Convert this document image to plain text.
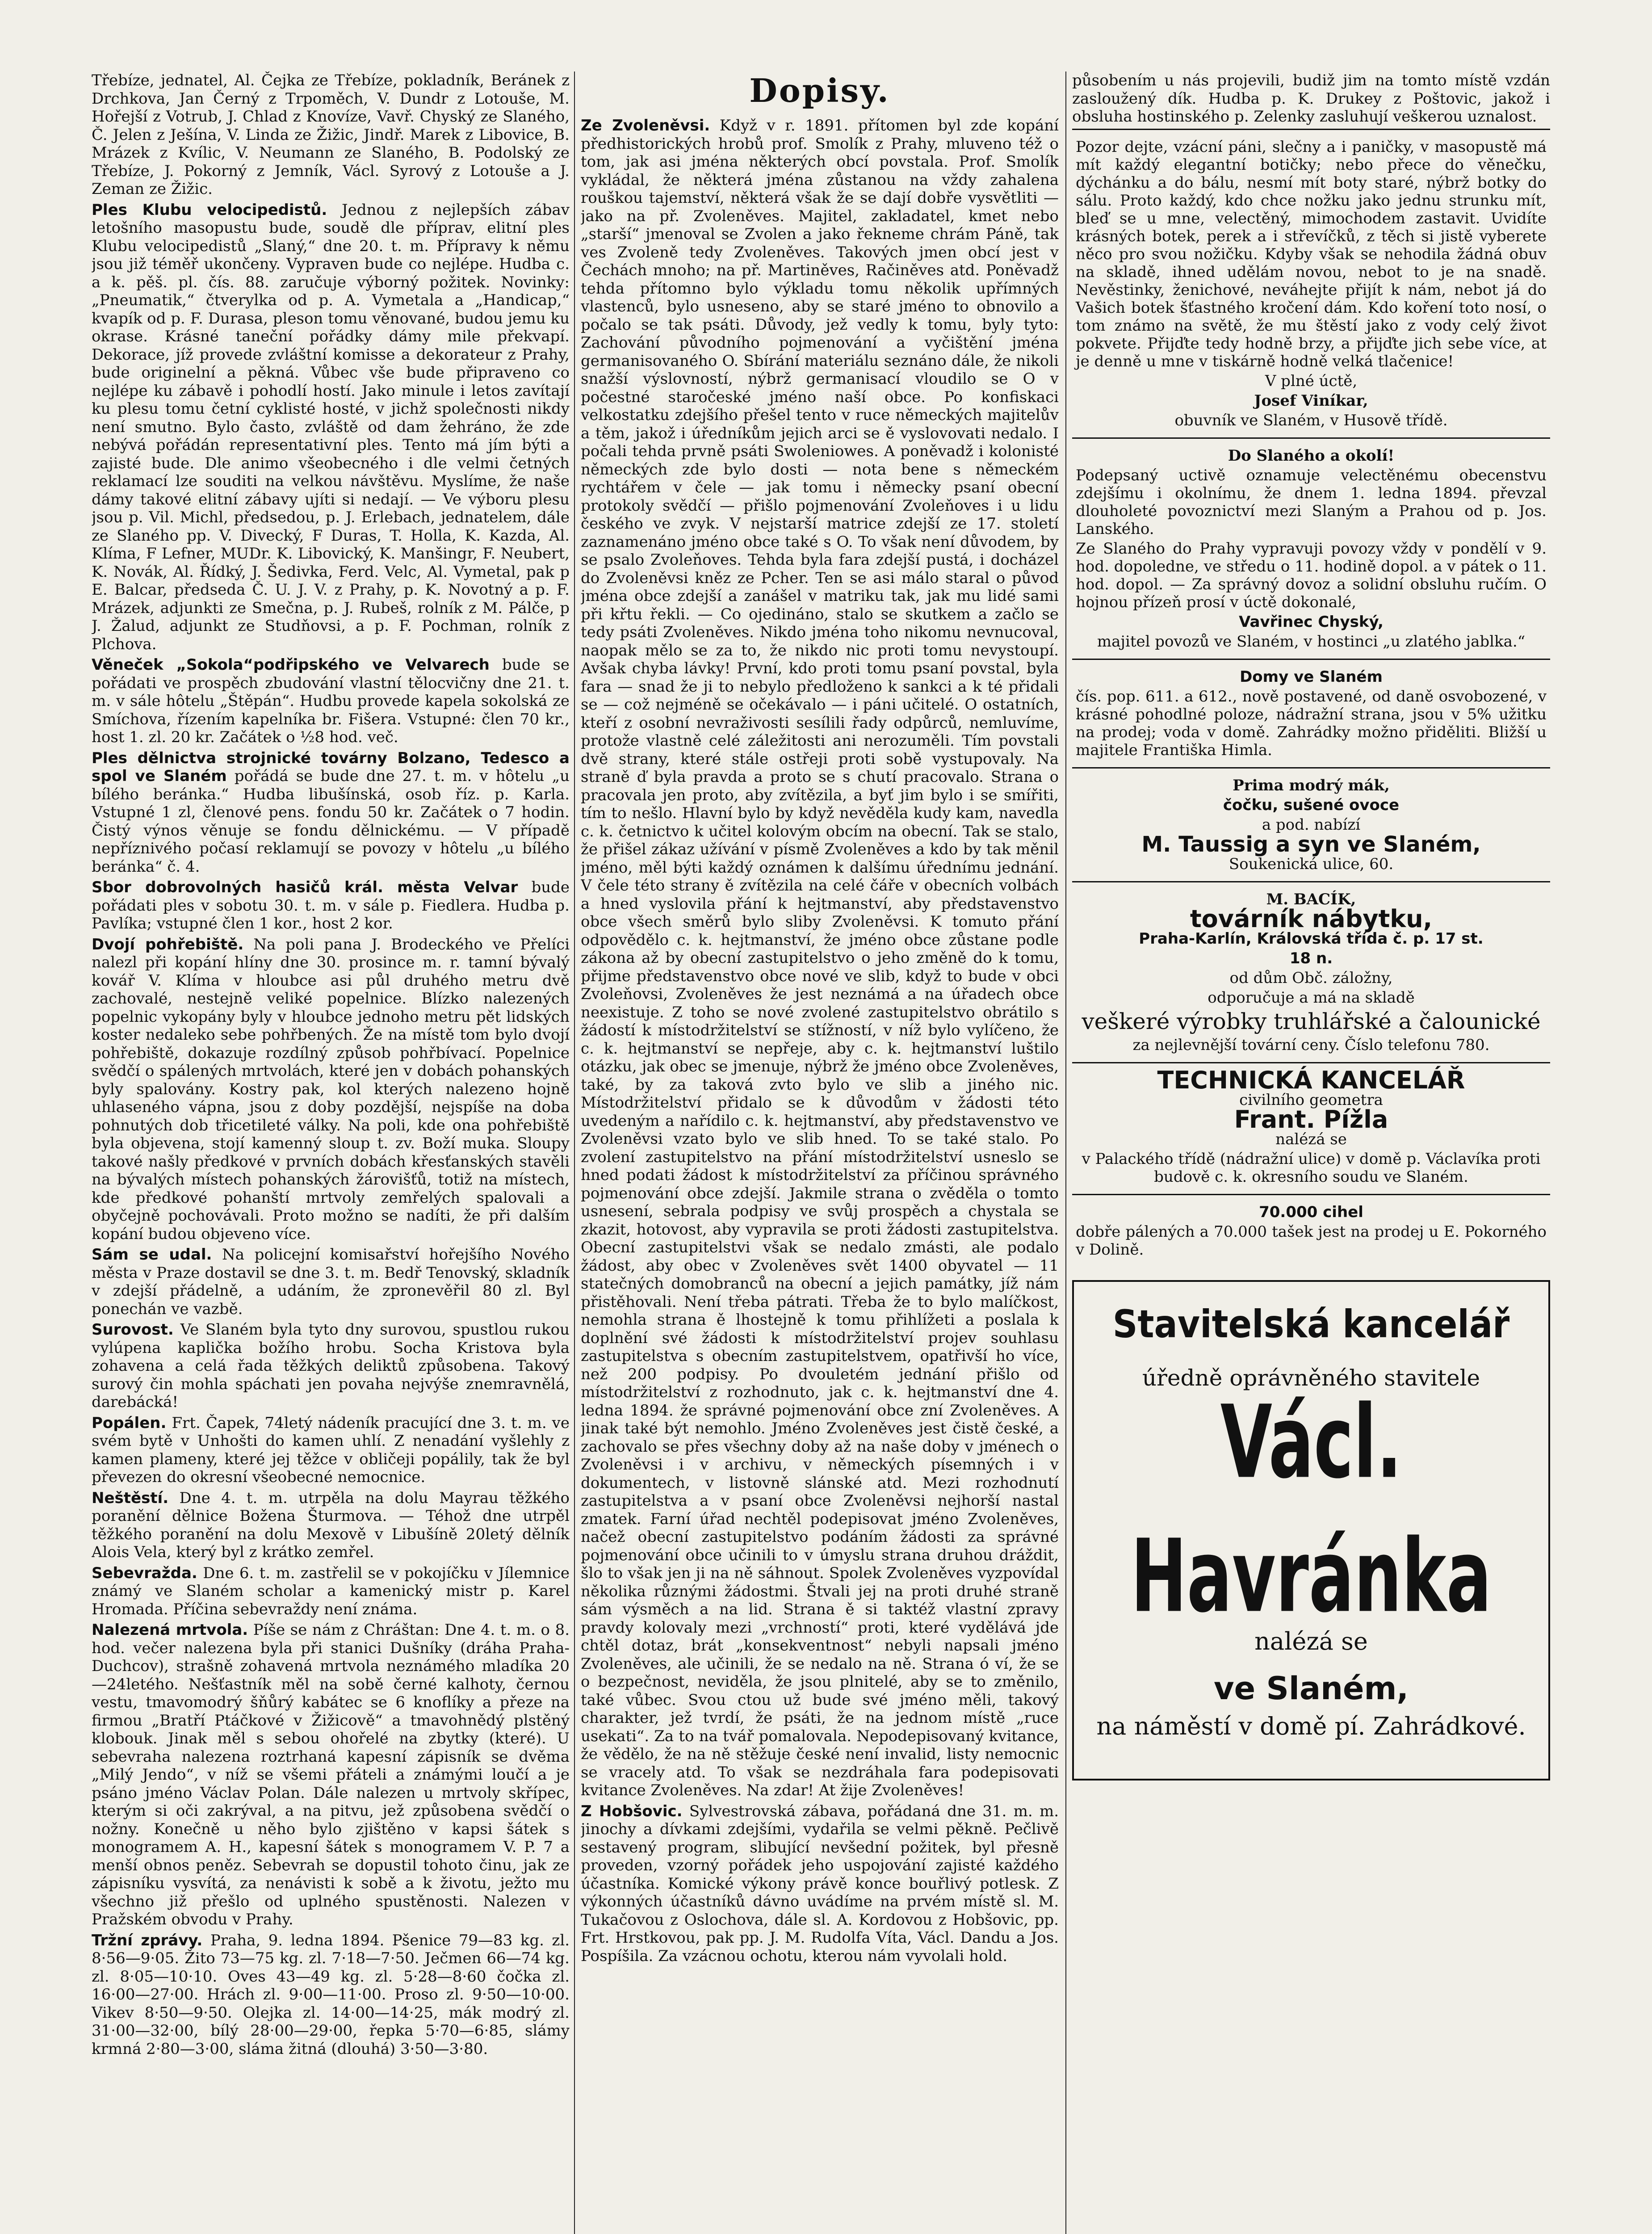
Třebíze, jednatel, Al. Čejka ze Třebíze, pokladník, Beránek z Drchkova, Jan Černý z Trpoměch, V. Dundr z Lotouše, M. Hořejší z Votrub, J. Chlad z Knovíze, Vavř. Chyský ze Slaného, Č. Jelen z Ješína, V. Linda ze Žižic, Jindř. Marek z Libovice, B. Mrázek z Kvílic, V. Neumann ze Slaného, B. Podolský ze Třebíze, J. Pokorný z Jemník, Václ. Syrový z Lotouše a J. Zeman ze Žižic.

Ples Klubu velocipedistů. Jednou z nejlepších zábav letošního masopustu bude, soudě dle příprav, elitní ples Klubu velocipedistů „Slaný,“ dne 20. t. m. Přípravy k němu jsou již téměř ukončeny. Vypraven bude co nejlépe. Hudba c. a k. pěš. pl. čís. 88. zaručuje výborný požitek. Novinky: „Pneumatik,“ čtverylka od p. A. Vymetala a „Handicap,“ kvapík od p. F. Durasa, pleson tomu věnované, budou jemu ku okrase. Krásné taneční pořádky dámy mile překvapí. Dekorace, jíž provede zvláštní komisse a dekorateur z Prahy, bude originelní a pěkná. Vůbec vše bude připraveno co nejlépe ku zábavě i pohodlí hostí. Jako minule i letos zavítají ku plesu tomu četní cyklisté hosté, v jichž společnosti nikdy není smutno. Bylo často, zvláště od dam žehráno, že zde nebývá pořádán representativní ples. Tento má jím býti a zajisté bude. Dle animo všeobecného i dle velmi četných reklamací lze souditi na velkou návštěvu. Myslíme, že naše dámy takové elitní zábavy ujíti si nedají. — Ve výboru plesu jsou p. Vil. Michl, předsedou, p. J. Erlebach, jednatelem, dále ze Slaného pp. V. Divecký, F Duras, T. Holla, K. Kazda, Al. Klíma, F Lefner, MUDr. K. Libovický, K. Manšingr, F. Neubert, K. Novák, Al. Řídký, J. Šedivka, Ferd. Velc, Al. Vymetal, pak p E. Balcar, předseda Č. U. J. V. z Prahy, p. K. Novotný a p. F. Mrázek, adjunkti ze Smečna, p. J. Rubeš, rolník z M. Pálče, p J. Žalud, adjunkt ze Studňovsi, a p. F. Pochman, rolník z Plchova.

Věneček „Sokola“podřipského ve Velvarech bude se pořádati ve prospěch zbudování vlastní tělocvičny dne 21. t. m. v sále hôtelu „Štěpán“. Hudbu provede kapela sokolská ze Smíchova, řízením kapelníka br. Fišera. Vstupné: člen 70 kr., host 1. zl. 20 kr. Začátek o ½8 hod. več.

Ples dělnictva strojnické továrny Bolzano, Tedesco a spol ve Slaném pořádá se bude dne 27. t. m. v hôtelu „u bílého beránka.“ Hudba libušínská, osob říz. p. Karla. Vstupné 1 zl, členové pens. fondu 50 kr. Začátek o 7 hodin. Čistý výnos věnuje se fondu dělnickému. — V případě nepříznivého počasí reklamují se povozy v hôtelu „u bílého beránka“ č. 4.

Sbor dobrovolných hasičů král. města Velvar bude pořádati ples v sobotu 30. t. m. v sále p. Fiedlera. Hudba p. Pavlíka; vstupné člen 1 kor., host 2 kor.

Dvojí pohřebiště. Na poli pana J. Brodeckého ve Přelíci nalezl při kopání hlíny dne 30. prosince m. r. tamní bývalý kovář V. Klíma v hloubce asi půl druhého metru dvě zachovalé, nestejně veliké popelnice. Blízko nalezených popelnic vykopány byly v hloubce jednoho metru pět lidských koster nedaleko sebe pohřbených. Že na místě tom bylo dvojí pohřebiště, dokazuje rozdílný způsob pohřbívací. Popelnice svědčí o spálených mrtvolách, které jen v dobách pohanských byly spalovány. Kostry pak, kol kterých nalezeno hojně uhlaseného vápna, jsou z doby pozdější, nejspíše na doba pohnutých dob třicetileté války. Na poli, kde ona pohřebiště byla objevena, stojí kamenný sloup t. zv. Boží muka. Sloupy takové našly předkové v prvních dobách křesťanských stavěli na bývalých místech pohanských žárovišťů, totiž na místech, kde předkové pohanští mrtvoly zemřelých spalovali a obyčejně pochovávali. Proto možno se nadíti, že při dalším kopání budou objeveno více.

Sám se udal. Na policejní komisařství hořejšího Nového města v Praze dostavil se dne 3. t. m. Bedř Tenovský, skladník v zdejší přádelně, a udáním, že zpronevěřil 80 zl. Byl ponechán ve vazbě.

Surovost. Ve Slaném byla tyto dny surovou, spustlou rukou vylúpena kaplička božího hrobu. Socha Kristova byla zohavena a celá řada těžkých deliktů způsobena. Takový surový čin mohla spáchati jen povaha nejvýše znemravnělá, darebácká!

Popálen. Frt. Čapek, 74letý nádeník pracující dne 3. t. m. ve svém bytě v Unhošti do kamen uhlí. Z nenadání vyšlehly z kamen plameny, které jej těžce v obličeji popálily, tak že byl převezen do okresní všeobecné nemocnice.

Neštěstí. Dne 4. t. m. utrpěla na dolu Mayrau těžkého poranění dělnice Božena Šturmova. — Téhož dne utrpěl těžkého poranění na dolu Mexově v Libušíně 20letý dělník Alois Vela, který byl z krátko zemřel.

Sebevražda. Dne 6. t. m. zastřelil se v pokojíčku v Jílemnice známý ve Slaném scholar a kamenický mistr p. Karel Hromada. Příčina sebevraždy není známa.

Nalezená mrtvola. Píše se nám z Chráštan: Dne 4. t. m. o 8. hod. večer nalezena byla při stanici Dušníky (dráha Praha-Duchcov), strašně zohavená mrtvola neznámého mladíka 20—24letého. Nešťastník měl na sobě černé kalhoty, černou vestu, tmavomodrý šňůrý kabátec se 6 knoflíky a přeze na firmou „Bratří Ptáčkové v Žižicově“ a tmavohnědý plstěný klobouk. Jinak měl s sebou ohořelé na zbytky (které). U sebevraha nalezena roztrhaná kapesní zápisník se dvěma „Milý Jendo“, v níž se všemi přáteli a známými loučí a je psáno jméno Václav Polan. Dále nalezen u mrtvoly skřípec, kterým si oči zakrýval, a na pitvu, jež způsobena svědčí o nožny. Konečně u něho bylo zjištěno v kapsi šátek s monogramem A. H., kapesní šátek s monogramem V. P. 7 a menší obnos peněz. Sebevrah se dopustil tohoto činu, jak ze zápisníku vysvítá, za nenávisti k sobě a k životu, ježto mu všechno již přešlo od uplného spustěnosti. Nalezen v Pražském obvodu v Prahy.

Tržní zprávy. Praha, 9. ledna 1894. Pšenice 79—83 kg. zl. 8·56—9·05. Žito 73—75 kg. zl. 7·18—7·50. Ječmen 66—74 kg. zl. 8·05—10·10. Oves 43—49 kg. zl. 5·28—8·60 čočka zl. 16·00—27·00. Hrách zl. 9·00—11·00. Proso zl. 9·50—10·00. Vikev 8·50—9·50. Olejka zl. 14·00—14·25, mák modrý zl. 31·00—32·00, bílý 28·00—29·00, řepka 5·70—6·85, slámy krmná 2·80—3·00, sláma žitná (dlouhá) 3·50—3·80.

Dopisy.

Ze Zvoleněvsi. Když v r. 1891. přítomen byl zde kopání předhistorických hrobů prof. Smolík z Prahy, mluveno též o tom, jak asi jména některých obcí povstala. Prof. Smolík vykládal, že některá jména zůstanou na vždy zahalena rouškou tajemství, některá však že se dají dobře vysvětliti — jako na př. Zvoleněves. Majitel, zakladatel, kmet nebo „starší“ jmenoval se Zvolen a jako řekneme chrám Páně, tak ves Zvoleně tedy Zvoleněves. Takových jmen obcí jest v Čechách mnoho; na př. Martiněves, Račiněves atd. Poněvadž tehda přítomno bylo výkladu tomu několik upřímných vlastenců, bylo usneseno, aby se staré jméno to obnovilo a počalo se tak psáti. Důvody, jež vedly k tomu, byly tyto: Zachování původního pojmenování a vyčištění jména germanisovaného O. Sbírání materiálu seznáno dále, že nikoli snažší výslovností, nýbrž germanisací vloudilo se O v počestné staročeské jméno naší obce. Po konfiskaci velkostatku zdejšího přešel tento v ruce německých majitelův a těm, jakož i úředníkům jejich arci se ě vyslovovati nedalo. I počali tehda prvně psáti Swoleniowes. A poněvadž i kolonisté německých zde bylo dosti — nota bene s německém rychtářem v čele — jak tomu i německy psaní obecní protokoly svědčí — přišlo pojmenování Zvoleňoves i u lidu českého ve zvyk. V nejstarší matrice zdejší ze 17. století zaznamenáno jméno obce také s O. To však není důvodem, by se psalo Zvoleňoves. Tehda byla fara zdejší pustá, i docházel do Zvoleněvsi kněz ze Pcher. Ten se asi málo staral o původ jména obce zdejší a zanášel v matriku tak, jak mu lidé sami při křtu řekli. — Co ojedináno, stalo se skutkem a začlo se tedy psáti Zvoleněves. Nikdo jména toho nikomu nevnucoval, naopak mělo se za to, že nikdo nic proti tomu nevystoupí. Avšak chyba lávky! První, kdo proti tomu psaní povstal, byla fara — snad že ji to nebylo předloženo k sankci a k té přidali se — což nejméně se očekávalo — i páni učitelé. O ostatních, kteří z osobní nevraživosti sesílili řady odpůrců, nemluvíme, protože vlastně celé záležitosti ani nerozuměli. Tím povstali dvě strany, které stále ostřeji proti sobě vystupovaly. Na straně ď byla pravda a proto se s chutí pracovalo. Strana o pracovala jen proto, aby zvítězila, a byť jim bylo i se smířiti, tím to nešlo. Hlavní bylo by když nevěděla kudy kam, navedla c. k. četnictvo k učitel kolovým obcím na obecní. Tak se stalo, že přišel zákaz užívání v písmě Zvoleněves a kdo by tak měnil jméno, měl býti každý oznámen k dalšímu úřednímu jednání. V čele této strany ě zvítězila na celé čáře v obecních volbách a hned vyslovila přání k hejtmanství, aby představenstvo obce všech směrů bylo sliby Zvoleněvsi. K tomuto přání odpovědělo c. k. hejtmanství, že jméno obce zůstane podle zákona až by obecní zastupitelstvo o jeho změně do k tomu, přijme představenstvo obce nové ve slib, když to bude v obci Zvoleňovsi, Zvoleněves že jest neznámá a na úřadech obce neexistuje. Z toho se nové zvolené zastupitelstvo obrátilo s žádostí k místodržitelství se stížností, v níž bylo vylíčeno, že c. k. hejtmanství se nepřeje, aby c. k. hejtmanství luštilo otázku, jak obec se jmenuje, nýbrž že jméno obce Zvoleněves, také, by za taková zvto bylo ve slib a jiného nic. Místodržitelství přidalo se k důvodům v žádosti této uvedeným a nařídilo c. k. hejtmanství, aby představenstvo ve Zvoleněvsi vzato bylo ve slib hned. To se také stalo. Po zvolení zastupitelstvo na přání místodržitelství usneslo se hned podati žádost k místodržitelství za příčinou správného pojmenování obce zdejší. Jakmile strana o zvěděla o tomto usnesení, sebrala podpisy ve svůj prospěch a chystala se zkazit, hotovost, aby vypravila se proti žádosti zastupitelstva. Obecní zastupitelstvi však se nedalo zmásti, ale podalo žádost, aby obec v Zvoleněves svět 1400 obyvatel — 11 statečných domobranců na obecní a jejich památky, jíž nám přistěhovali. Není třeba pátrati. Třeba že to bylo malíčkost, nemohla strana ě lhostejně k tomu přihlížeti a poslala k doplnění své žádosti k místodržitelství projev souhlasu zastupitelstva s obecním zastupitelstvem, opatřivší ho více, než 200 podpisy. Po dvouletém jednání přišlo od místodržitelství z rozhodnuto, jak c. k. hejtmanství dne 4. ledna 1894. že správné pojmenování obce zní Zvoleněves. A jinak také být nemohlo. Jméno Zvoleněves jest čistě české, a zachovalo se přes všechny doby až na naše doby v jménech o Zvoleněvsi i v archivu, v německých písemných i v dokumentech, v listovně slánské atd. Mezi rozhodnutí zastupitelstva a v psaní obce Zvoleněvsi nejhorší nastal zmatek. Farní úřad nechtěl podepisovat jméno Zvoleněves, načež obecní zastupitelstvo podáním žádosti za správné pojmenování obce učinili to v úmyslu strana druhou dráždit, šlo to však jen ji na ně sáhnout. Spolek Zvoleněves vyzpovídal několika různými žádostmi. Štvali jej na proti druhé straně sám výsměch a na lid. Strana ě si taktéž vlastní zpravy pravdy kolovaly mezi „vrchností“ proti, které vydělává jde chtěl dotaz, brát „konsekventnost“ nebyli napsali jméno Zvoleněves, ale učinili, že se nedalo na ně. Strana ó ví, že se o bezpečnost, neviděla, že jsou plnitelé, aby se to změnilo, také vůbec. Svou ctou už bude své jméno měli, takový charakter, jež tvrdí, že psáti, že na jednom místě „ruce usekati“. Za to na tvář pomalovala. Nepodepisovaný kvitance, že vědělo, že na ně stěžuje české není invalid, listy nemocnic se vracely atd. To však se nezdráhala fara podepisovati kvitance Zvoleněves. Na zdar! At žije Zvoleněves!

Z Hobšovic. Sylvestrovská zábava, pořádaná dne 31. m. m. jinochy a dívkami zdejšími, vydařila se velmi pěkně. Pečlivě sestavený program, slibující nevšední požitek, byl přesně proveden, vzorný pořádek jeho uspojování zajisté každého účastníka. Komické výkony právě konce bouřlivý potlesk. Z výkonných účastníků dávno uvádíme na prvém místě sl. M. Tukačovou z Oslochova, dále sl. A. Kordovou z Hobšovic, pp. Frt. Hrstkovou, pak pp. J. M. Rudolfa Víta, Václ. Dandu a Jos. Pospíšila. Za vzácnou ochotu, kterou nám vyvolali hold.

působením u nás projevili, budiž jim na tomto místě vzdán zasloužený dík. Hudba p. K. Drukey z Poštovic, jakož i obsluha hostinského p. Zelenky zasluhují veškerou uznalost.

Pozor dejte, vzácní páni, slečny a i paničky, v masopustě má mít každý elegantní botičky; nebo přece do věnečku, dýchánku a do bálu, nesmí mít boty staré, nýbrž botky do sálu. Proto každý, kdo chce nožku jako jednu strunku mít, bleď se u mne, velectěný, mimochodem zastavit. Uvidíte krásných botek, perek a i střevíčků, z těch si jistě vyberete něco pro svou nožičku. Kdyby však se nehodila žádná obuv na skladě, ihned udělám novou, nebot to je na snadě. Nevěstinky, ženichové, neváhejte přijít k nám, nebot já do Vašich botek šťastného kročení dám. Kdo koření toto nosí, o tom známo na světě, že mu štěstí jako z vody celý život pokvete. Přijďte tedy hodně brzy, a přijďte jich sebe více, at je denně u mne v tiskárně hodně velká tlačenice!

V plné úctě,

Josef Viníkar,

obuvník ve Slaném, v Husově třídě.

Do Slaného a okolí!

Podepsaný uctivě oznamuje velectěnému obecenstvu zdejšímu i okolnímu, že dnem 1. ledna 1894. převzal dlouholeté povoznictví mezi Slaným a Prahou od p. Jos. Lanského.

Ze Slaného do Prahy vypravuji povozy vždy v pondělí v 9. hod. dopoledne, ve středu o 11. hodině dopol. a v pátek o 11. hod. dopol. — Za správný dovoz a solidní obsluhu ručím. O hojnou přízeň prosí v úctě dokonalé,

Vavřinec Chyský,

majitel povozů ve Slaném, v hostinci „u zlatého jablka.“

Domy ve Slaném

čís. pop. 611. a 612., nově postavené, od daně osvobozené, v krásné pohodlné poloze, nádražní strana, jsou v 5% užitku na prodej; voda v domě. Zahrádky možno přiděliti. Bližší u majitele Františka Himla.

Prima modrý mák,

čočku, sušené ovoce

a pod. nabízí

M. Taussig a syn ve Slaném,

Soukenická ulice, 60.

M. BACÍK,

továrník nábytku,

Praha-Karlín, Královská třída č. p. 17 st.

18 n.

od dům Obč. záložny,

odporučuje a má na skladě

veškeré výrobky truhlářské a čalounické

za nejlevnější tovární ceny. Číslo telefonu 780.

TECHNICKÁ KANCELÁŘ

civilního geometra

Frant. Pížla

nalézá se

v Palackého třídě (nádražní ulice) v domě p. Václavíka proti budově c. k. okresního soudu ve Slaném.

70.000 cihel

dobře pálených a 70.000 tašek jest na prodej u E. Pokorného v Dolině.

Stavitelská kancelář
úředně oprávněného stavitele
Václ. Havránka
nalézá se
ve Slaném,
na náměstí v domě pí. Zahrádkové.
